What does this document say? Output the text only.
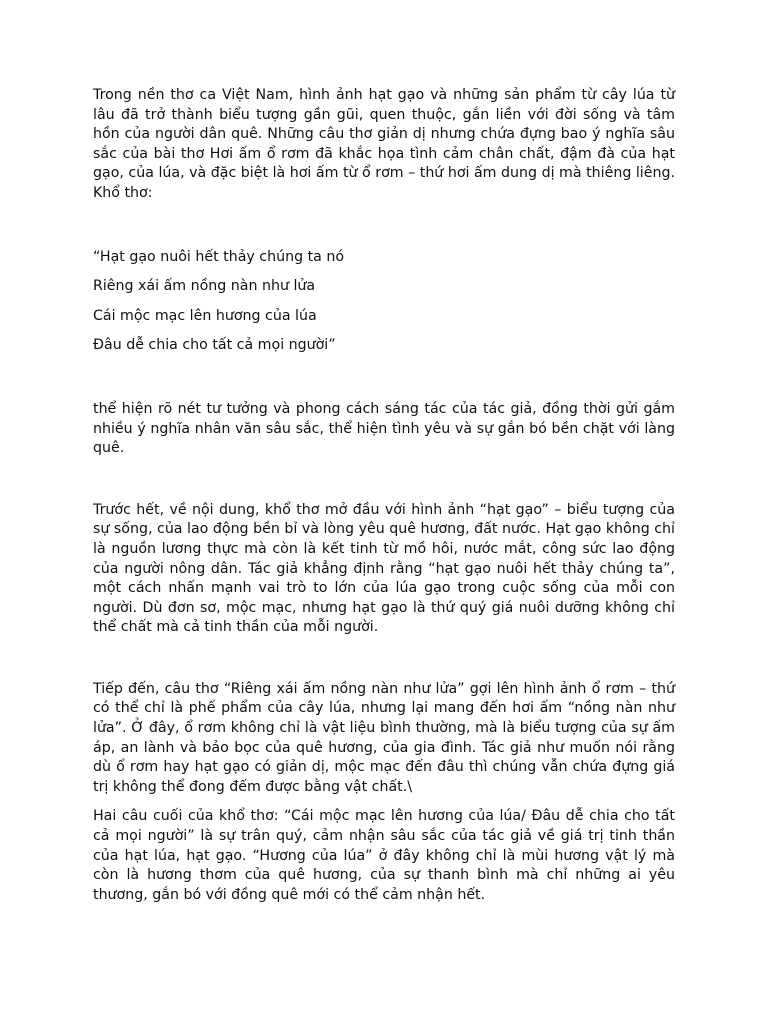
Trong nền thơ ca Việt Nam, hình ảnh hạt gạo và những sản phẩm từ cây lúa từ lâu đã trở thành biểu tượng gần gũi, quen thuộc, gắn liền với đời sống và tâm hồn của người dân quê. Những câu thơ giản dị nhưng chứa đựng bao ý nghĩa sâu sắc của bài thơ Hơi ấm ổ rơm đã khắc họa tình cảm chân chất, đậm đà của hạt gạo, của lúa, và đặc biệt là hơi ấm từ ổ rơm – thứ hơi ấm dung dị mà thiêng liêng. Khổ thơ:

“Hạt gạo nuôi hết thảy chúng ta nó

Riêng xái ấm nồng nàn như lửa

Cái mộc mạc lên hương của lúa

Đâu dễ chia cho tất cả mọi người”

thể hiện rõ nét tư tưởng và phong cách sáng tác của tác giả, đồng thời gửi gắm nhiều ý nghĩa nhân văn sâu sắc, thể hiện tình yêu và sự gắn bó bền chặt với làng quê.

Trước hết, về nội dung, khổ thơ mở đầu với hình ảnh “hạt gạo” – biểu tượng của sự sống, của lao động bền bỉ và lòng yêu quê hương, đất nước. Hạt gạo không chỉ là nguồn lương thực mà còn là kết tinh từ mồ hôi, nước mắt, công sức lao động của người nông dân. Tác giả khẳng định rằng “hạt gạo nuôi hết thảy chúng ta”, một cách nhấn mạnh vai trò to lớn của lúa gạo trong cuộc sống của mỗi con người. Dù đơn sơ, mộc mạc, nhưng hạt gạo là thứ quý giá nuôi dưỡng không chỉ thể chất mà cả tinh thần của mỗi người.

Tiếp đến, câu thơ “Riêng xái ấm nồng nàn như lửa” gợi lên hình ảnh ổ rơm – thứ có thể chỉ là phế phẩm của cây lúa, nhưng lại mang đến hơi ấm “nồng nàn như lửa”. Ở đây, ổ rơm không chỉ là vật liệu bình thường, mà là biểu tượng của sự ấm áp, an lành và bảo bọc của quê hương, của gia đình. Tác giả như muốn nói rằng dù ổ rơm hay hạt gạo có giản dị, mộc mạc đến đâu thì chúng vẫn chứa đựng giá trị không thể đong đếm được bằng vật chất.\

Hai câu cuối của khổ thơ: “Cái mộc mạc lên hương của lúa/ Đâu dễ chia cho tất cả mọi người” là sự trân quý, cảm nhận sâu sắc của tác giả về giá trị tinh thần của hạt lúa, hạt gạo. “Hương của lúa” ở đây không chỉ là mùi hương vật lý mà còn là hương thơm của quê hương, của sự thanh bình mà chỉ những ai yêu thương, gắn bó với đồng quê mới có thể cảm nhận hết.
